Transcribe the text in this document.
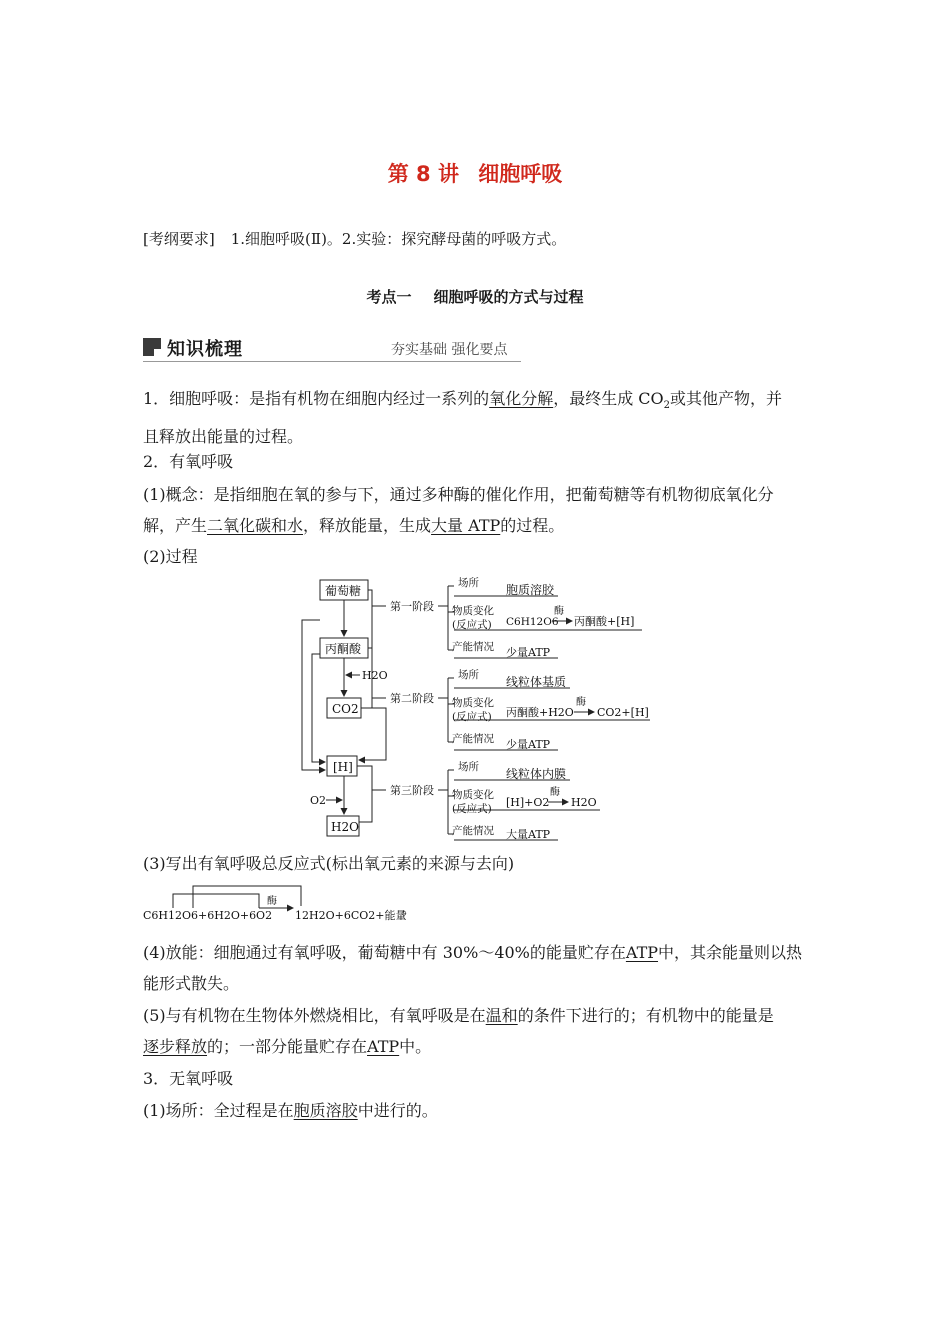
第 8 讲 细胞呼吸
[考纲要求] 1.细胞呼吸(Ⅱ)。2.实验：探究酵母菌的呼吸方式。
考点一 细胞呼吸的方式与过程
知识梳理	夯实基础 强化要点
1．细胞呼吸：是指有机物在细胞内经过一系列的氧化分解，最终生成 $CO_2$或其他产物，并
且释放出能量的过程。
2．有氧呼吸
(1)概念：是指细胞在氧的参与下，通过多种酶的催化作用，把葡萄糖等有机物彻底氧化分
解，产生二氧化碳和水，释放能量，生成大量 ATP的过程。
(2)过程
葡萄糖
丙酮酸
CO2
[H]
H2O
H2O
O2
第一阶段
第二阶段
第三阶段
场所
物质变化
(反应式)
产能情况
场所
物质变化
(反应式)
产能情况
场所
物质变化
(反应式)
产能情况
胞质溶胶
C6H12O6
酶
丙酮酸+[H]
少量ATP
线粒体基质
丙酮酸+H2O
酶
CO2+[H]
少量ATP
线粒体内膜
[H]+O2
酶
H2O
大量ATP
(3)写出有氧呼吸总反应式(标出氧元素的来源与去向)
C6H12O6+6H2O+6O2
酶
12H2O+6CO2+能量
。
(4)放能：细胞通过有氧呼吸，葡萄糖中有 30%～40%的能量贮存在ATP中，其余能量则以热
能形式散失。
(5)与有机物在生物体外燃烧相比，有氧呼吸是在温和的条件下进行的；有机物中的能量是
逐步释放的；一部分能量贮存在ATP中。
3．无氧呼吸
(1)场所：全过程是在胞质溶胶中进行的。
